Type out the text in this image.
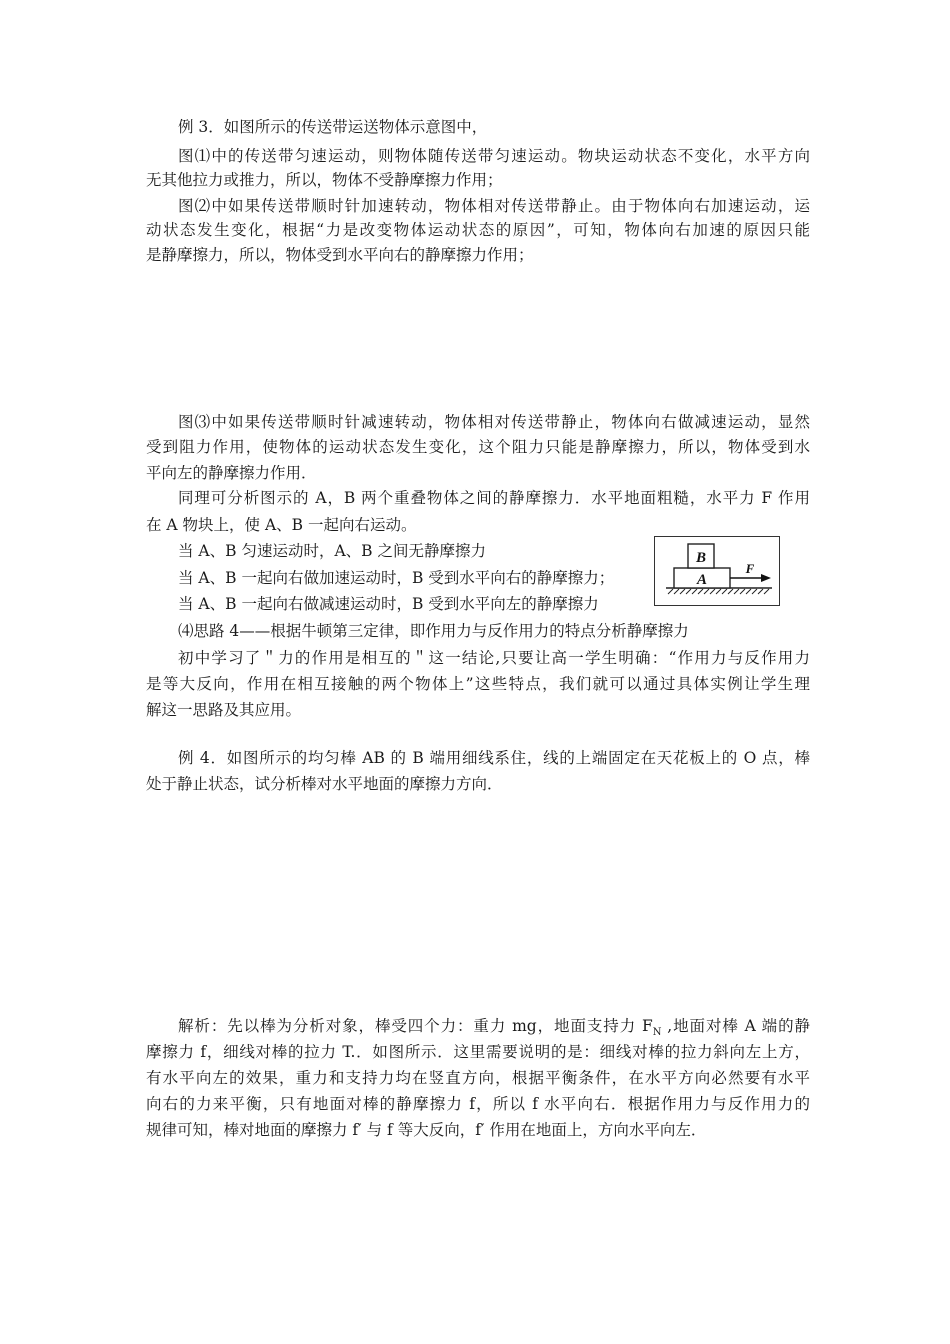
例 3．如图所示的传送带运送物体示意图中，
图⑴中的传送带匀速运动，则物体随传送带匀速运动。物块运动状态不变化，水平方向
无其他拉力或推力，所以，物体不受静摩擦力作用；
图⑵中如果传送带顺时针加速转动，物体相对传送带静止。由于物体向右加速运动，运
动状态发生变化，根据“力是改变物体运动状态的原因”，可知，物体向右加速的原因只能
是静摩擦力，所以，物体受到水平向右的静摩擦力作用；
图⑶中如果传送带顺时针减速转动，物体相对传送带静止，物体向右做减速运动，显然
受到阻力作用，使物体的运动状态发生变化，这个阻力只能是静摩擦力，所以，物体受到水
平向左的静摩擦力作用．
同理可分析图示的 A，B 两个重叠物体之间的静摩擦力．水平地面粗糙，水平力 F 作用
在 A 物块上，使 A、B 一起向右运动。
当 A、B 匀速运动时，A、B 之间无静摩擦力
当 A、B 一起向右做加速运动时，B 受到水平向右的静摩擦力；
当 A、B 一起向右做减速运动时，B 受到水平向左的静摩擦力
B
A
F
⑷思路 4——根据牛顿第三定律，即作用力与反作用力的特点分析静摩擦力
初中学习了＂力的作用是相互的＂这一结论,只要让高一学生明确：“作用力与反作用力
是等大反向，作用在相互接触的两个物体上”这些特点，我们就可以通过具体实例让学生理
解这一思路及其应用。
例 4．如图所示的均匀棒 AB 的 B 端用细线系住，线的上端固定在天花板上的 O 点，棒
处于静止状态，试分析棒对水平地面的摩擦力方向．
解析：先以棒为分析对象，棒受四个力：重力 mg，地面支持力 $F_N$ ,地面对棒 A 端的静
摩擦力 f，细线对棒的拉力 T.．如图所示．这里需要说明的是：细线对棒的拉力斜向左上方，
有水平向左的效果，重力和支持力均在竖直方向，根据平衡条件，在水平方向必然要有水平
向右的力来平衡，只有地面对棒的静摩擦力 f，所以 f 水平向右．根据作用力与反作用力的
规律可知，棒对地面的摩擦力 f′ 与 f 等大反向，f′ 作用在地面上，方向水平向左．
